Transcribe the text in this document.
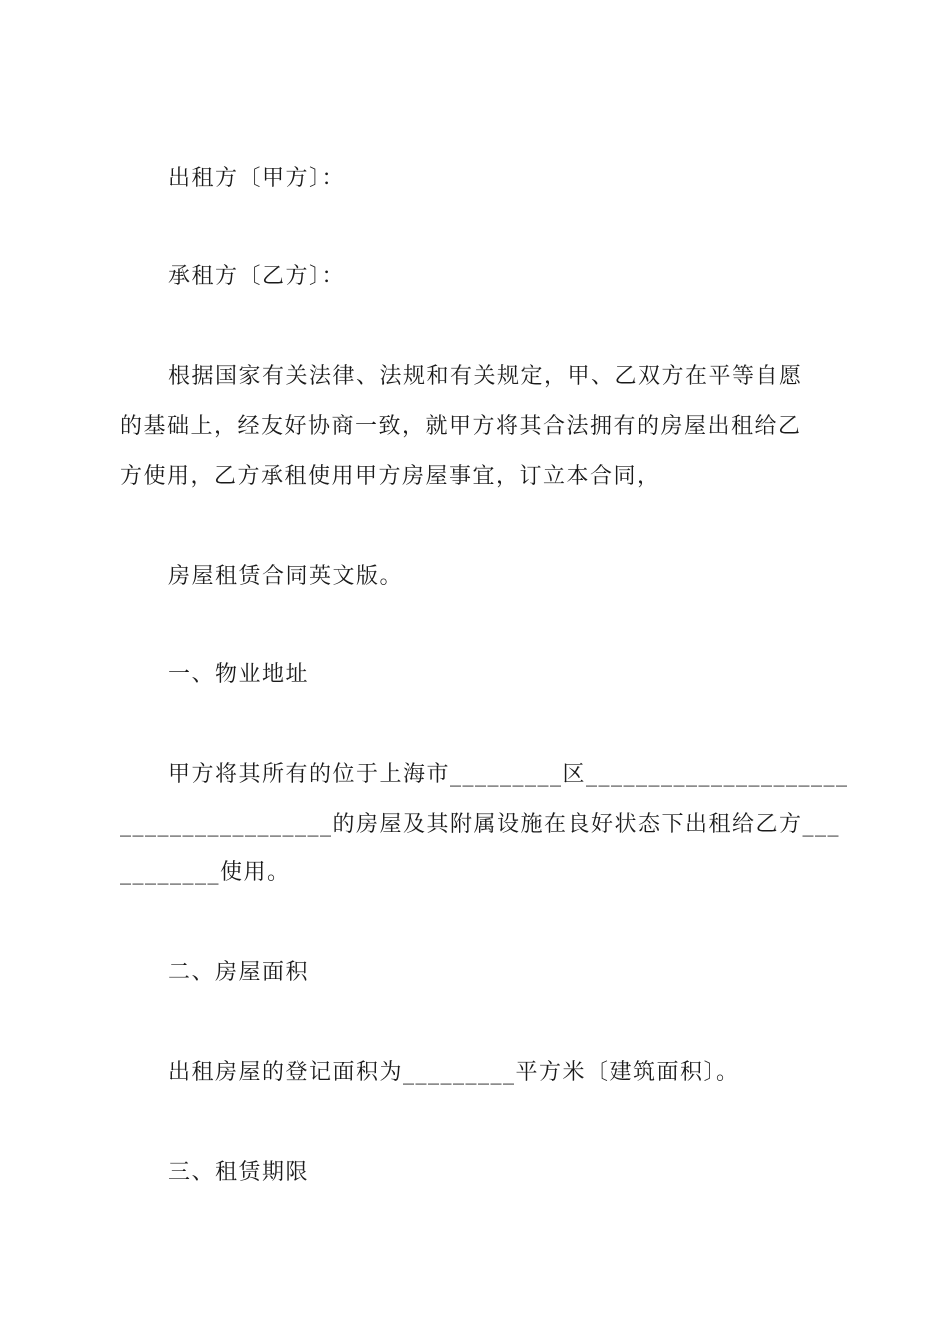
出租方〔甲方〕：
承租方〔乙方〕：
根据国家有关法律、法规和有关规定，甲、乙双方在平等自愿
的基础上，经友好协商一致，就甲方将其合法拥有的房屋出租给乙
方使用，乙方承租使用甲方房屋事宜，订立本合同，
房屋租赁合同英文版。
一、物业地址
甲方将其所有的位于上海市_________区_____________________
_________________的房屋及其附属设施在良好状态下出租给乙方___
________使用。
二、房屋面积
出租房屋的登记面积为_________平方米〔建筑面积〕。
三、租赁期限
